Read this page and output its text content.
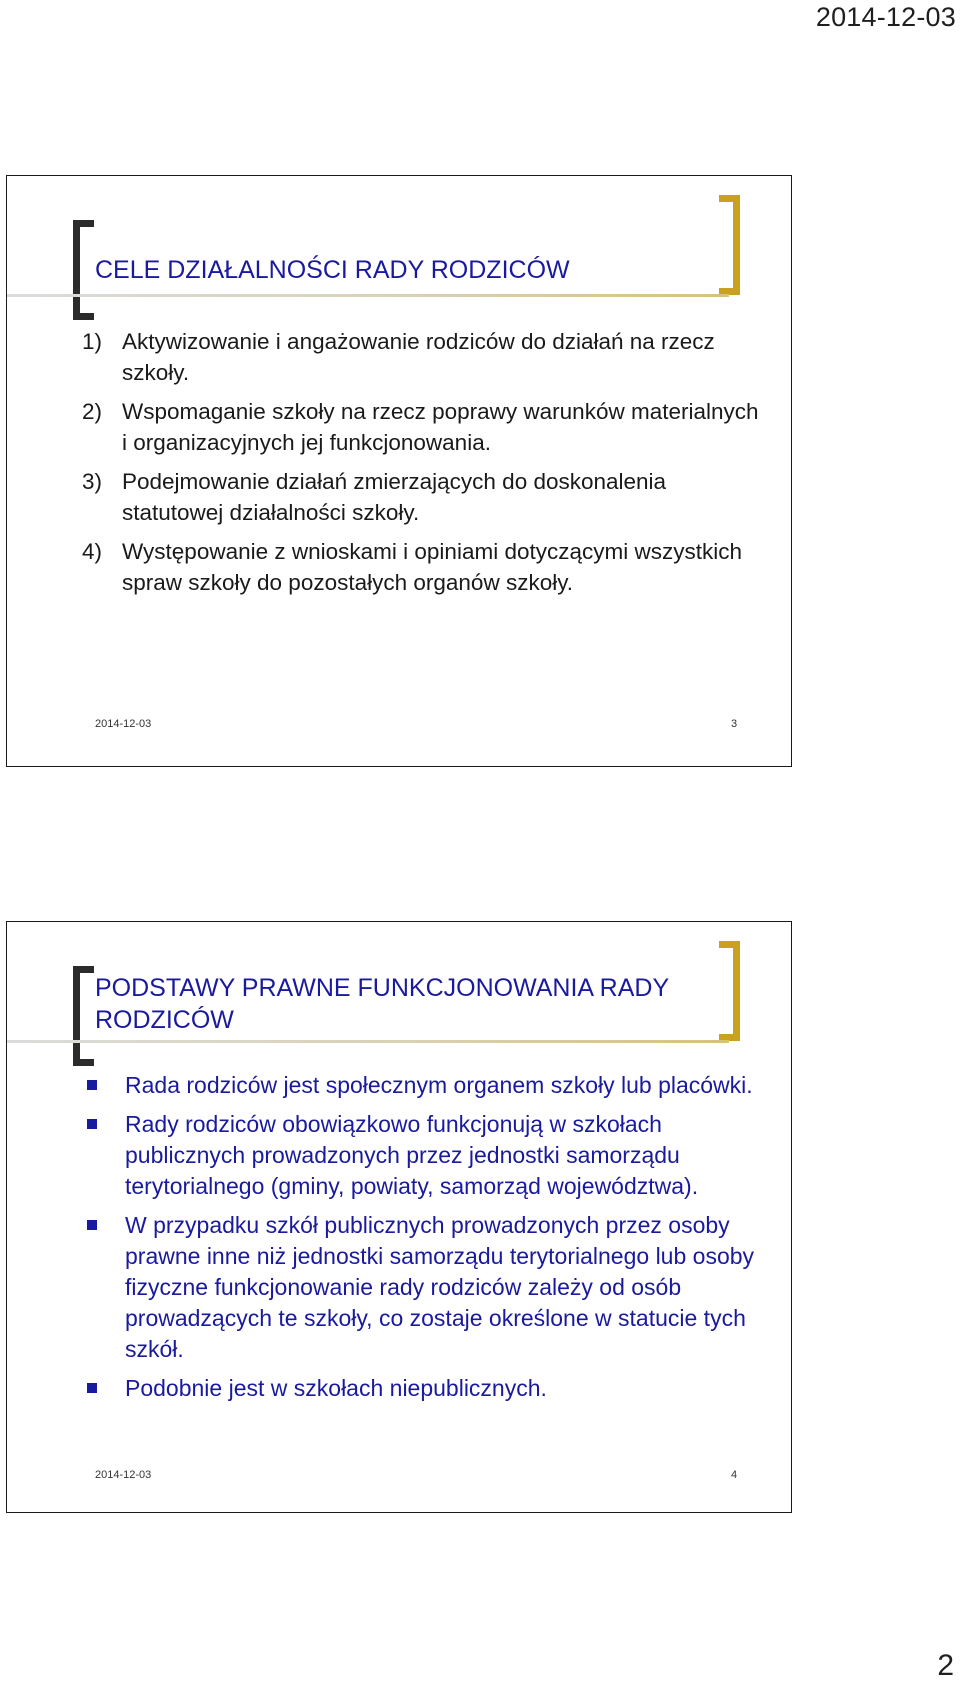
2014-12-03
CELE DZIAŁALNOŚCI RADY RODZICÓW
1) Aktywizowanie i angażowanie rodziców do działań na rzecz szkoły.
2) Wspomaganie szkoły na rzecz poprawy warunków materialnych i organizacyjnych jej funkcjonowania.
3) Podejmowanie działań zmierzających do doskonalenia statutowej działalności szkoły.
4) Występowanie z wnioskami i opiniami dotyczącymi wszystkich spraw szkoły do pozostałych organów szkoły.
2014-12-03	3
PODSTAWY PRAWNE FUNKCJONOWANIA RADY RODZICÓW
Rada rodziców jest społecznym organem szkoły lub placówki.
Rady rodziców obowiązkowo funkcjonują w szkołach publicznych prowadzonych przez jednostki samorządu terytorialnego (gminy, powiaty, samorząd województwa).
W przypadku szkół publicznych prowadzonych przez osoby prawne inne niż jednostki samorządu terytorialnego lub osoby fizyczne funkcjonowanie rady rodziców zależy od osób prowadzących te szkoły, co zostaje określone w statucie tych szkół.
Podobnie jest w szkołach niepublicznych.
2014-12-03	4
2
